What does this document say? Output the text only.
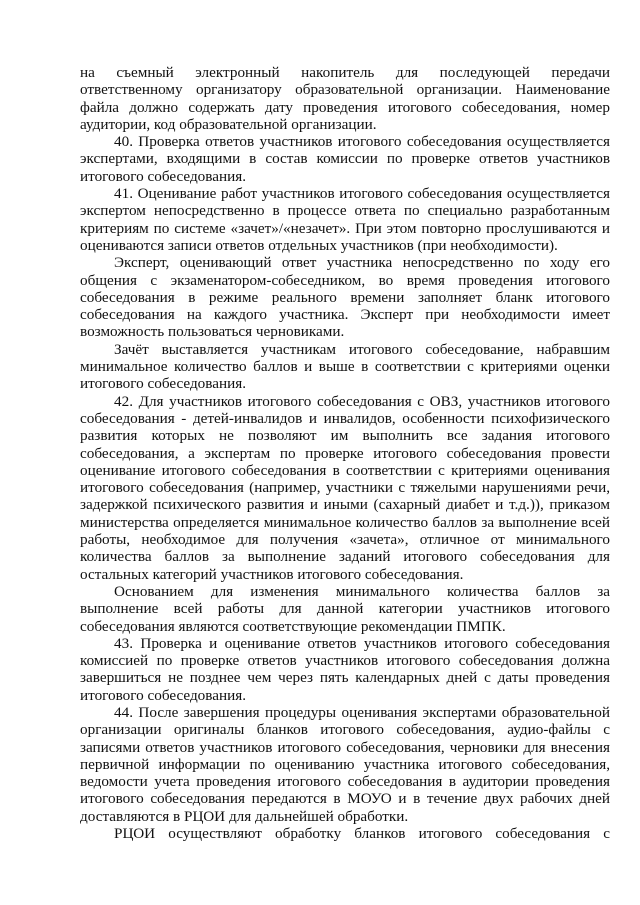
на съемный электронный накопитель для последующей передачи ответственному организатору образовательной организации. Наименование файла должно содержать дату проведения итогового собеседования, номер аудитории, код образовательной организации.

40. Проверка ответов участников итогового собеседования осуществляется экспертами, входящими в состав комиссии по проверке ответов участников итогового собеседования.

41. Оценивание работ участников итогового собеседования осуществляется экспертом непосредственно в процессе ответа по специально разработанным критериям по системе «зачет»/«незачет». При этом повторно прослушиваются и оцениваются записи ответов отдельных участников (при необходимости).

Эксперт, оценивающий ответ участника непосредственно по ходу его общения с экзаменатором-собеседником, во время проведения итогового собеседования в режиме реального времени заполняет бланк итогового собеседования на каждого участника. Эксперт при необходимости имеет возможность пользоваться черновиками.

Зачёт выставляется участникам итогового собеседование, набравшим минимальное количество баллов и выше в соответствии с критериями оценки итогового собеседования.

42. Для участников итогового собеседования с ОВЗ, участников итогового собеседования - детей-инвалидов и инвалидов, особенности психофизического развития которых не позволяют им выполнить все задания итогового собеседования, а экспертам по проверке итогового собеседования провести оценивание итогового собеседования в соответствии с критериями оценивания итогового собеседования (например, участники с тяжелыми нарушениями речи, задержкой психического развития и иными (сахарный диабет и т.д.)), приказом министерства определяется минимальное количество баллов за выполнение всей работы, необходимое для получения «зачета», отличное от минимального количества баллов за выполнение заданий итогового собеседования для остальных категорий участников итогового собеседования.

Основанием для изменения минимального количества баллов за выполнение всей работы для данной категории участников итогового собеседования являются соответствующие рекомендации ПМПК.

43. Проверка и оценивание ответов участников итогового собеседования комиссией по проверке ответов участников итогового собеседования должна завершиться не позднее чем через пять календарных дней с даты проведения итогового собеседования.

44. После завершения процедуры оценивания экспертами образовательной организации оригиналы бланков итогового собеседования, аудио-файлы с записями ответов участников итогового собеседования, черновики для внесения первичной информации по оцениванию участника итогового собеседования, ведомости учета проведения итогового собеседования в аудитории проведения итогового собеседования передаются в МОУО и в течение двух рабочих дней доставляются в РЦОИ для дальнейшей обработки.

РЦОИ осуществляют обработку бланков итогового собеседования с
